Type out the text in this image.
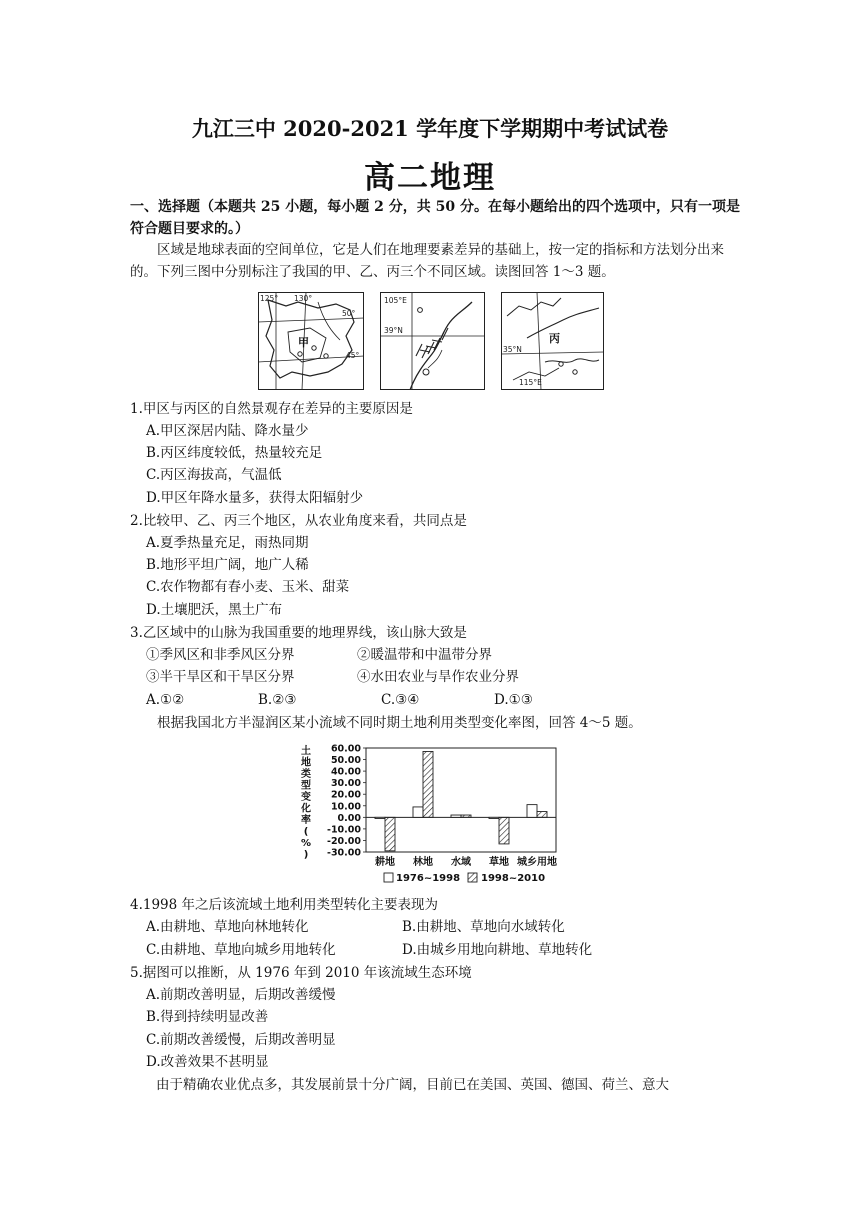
九江三中 2020-2021 学年度下学期期中考试试卷
高二地理
一、选择题（本题共 25 小题，每小题 2 分，共 50 分。在每小题给出的四个选项中，只有一项是符合题目要求的。）
区域是地球表面的空间单位，它是人们在地理要素差异的基础上，按一定的指标和方法划分出来的。下列三图中分别标注了我国的甲、乙、丙三个不同区域。读图回答 1～3 题。
125° 130°
50°
45°
甲
105°E
39°N
35°N
115°E
丙
1.甲区与丙区的自然景观存在差异的主要原因是
A.甲区深居内陆、降水量少
B.丙区纬度较低，热量较充足
C.丙区海拔高，气温低
D.甲区年降水量多，获得太阳辐射少
2.比较甲、乙、丙三个地区，从农业角度来看，共同点是
A.夏季热量充足，雨热同期
B.地形平坦广阔，地广人稀
C.农作物都有春小麦、玉米、甜菜
D.土壤肥沃，黑土广布
3.乙区域中的山脉为我国重要的地理界线，该山脉大致是
①季风区和非季风区分界	②暖温带和中温带分界
③半干旱区和干旱区分界	④水田农业与旱作农业分界
A.①②	B.②③	C.③④	D.①③
根据我国北方半湿润区某小流域不同时期土地利用类型变化率图，回答 4～5 题。
60.00
50.00
40.00
30.00
20.00
10.00
0.00
-10.00
-20.00
-30.00
土
地
类
型
变
化
率
(
%
)
耕地 林地 水域 草地 城乡用地
1976~1998 1998~2010
4.1998 年之后该流域土地利用类型转化主要表现为
A.由耕地、草地向林地转化	B.由耕地、草地向水域转化
C.由耕地、草地向城乡用地转化	D.由城乡用地向耕地、草地转化
5.据图可以推断，从 1976 年到 2010 年该流域生态环境
A.前期改善明显，后期改善缓慢
B.得到持续明显改善
C.前期改善缓慢，后期改善明显
D.改善效果不甚明显
由于精确农业优点多，其发展前景十分广阔，目前已在美国、英国、德国、荷兰、意大
